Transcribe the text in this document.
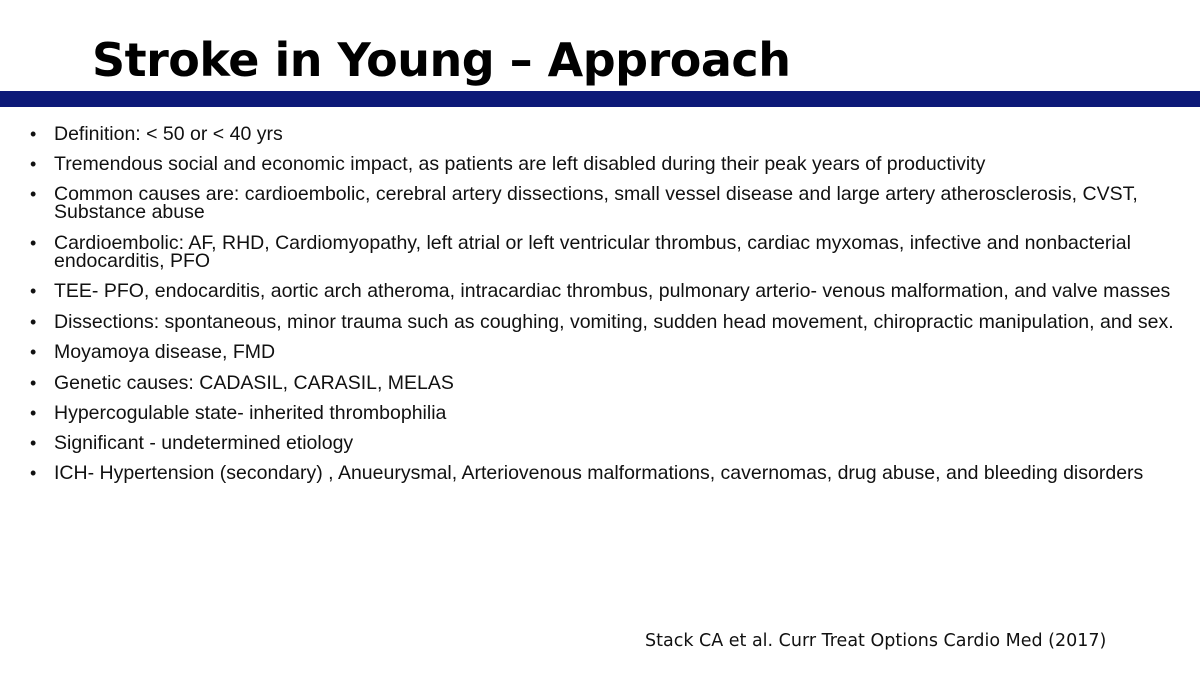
Stroke in Young – Approach
• Definition: < 50 or < 40 yrs
• Tremendous social and economic impact, as patients are left disabled during their peak years of productivity
• Common causes are: cardioembolic, cerebral artery dissections, small vessel disease and large artery atherosclerosis, CVST, Substance abuse
• Cardioembolic: AF, RHD, Cardiomyopathy, left atrial or left ventricular thrombus, cardiac myxomas, infective and nonbacterial endocarditis, PFO
• TEE- PFO, endocarditis, aortic arch atheroma, intracardiac thrombus, pulmonary arterio- venous malformation, and valve masses
• Dissections: spontaneous, minor trauma such as coughing, vomiting, sudden head movement, chiropractic manipulation, and sex.
• Moyamoya disease, FMD
• Genetic causes: CADASIL, CARASIL, MELAS
• Hypercogulable state- inherited thrombophilia
• Significant - undetermined etiology
• ICH- Hypertension (secondary) , Anueurysmal, Arteriovenous malformations, cavernomas, drug abuse, and bleeding disorders
Stack CA et al. Curr Treat Options Cardio Med (2017)
